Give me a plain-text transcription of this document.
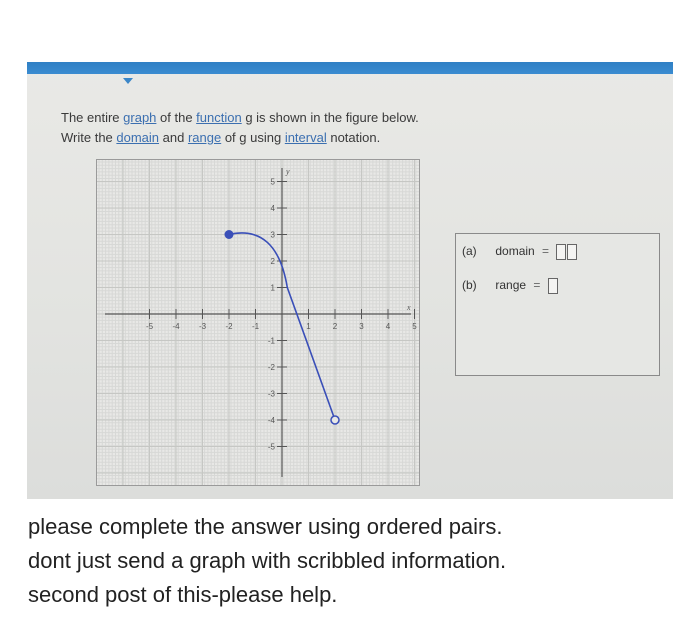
The entire graph of the function g is shown in the figure below.
Write the domain and range of g using interval notation.
-5 -4 -3 -2 -1	1	2	3	4	5
5
4
3
2
1
-1
-2
-3
-4
-5
x
y
(a) domain =
(b) range =
please complete the answer using ordered pairs.
dont just send a graph with scribbled information.
second post of this-please help.
